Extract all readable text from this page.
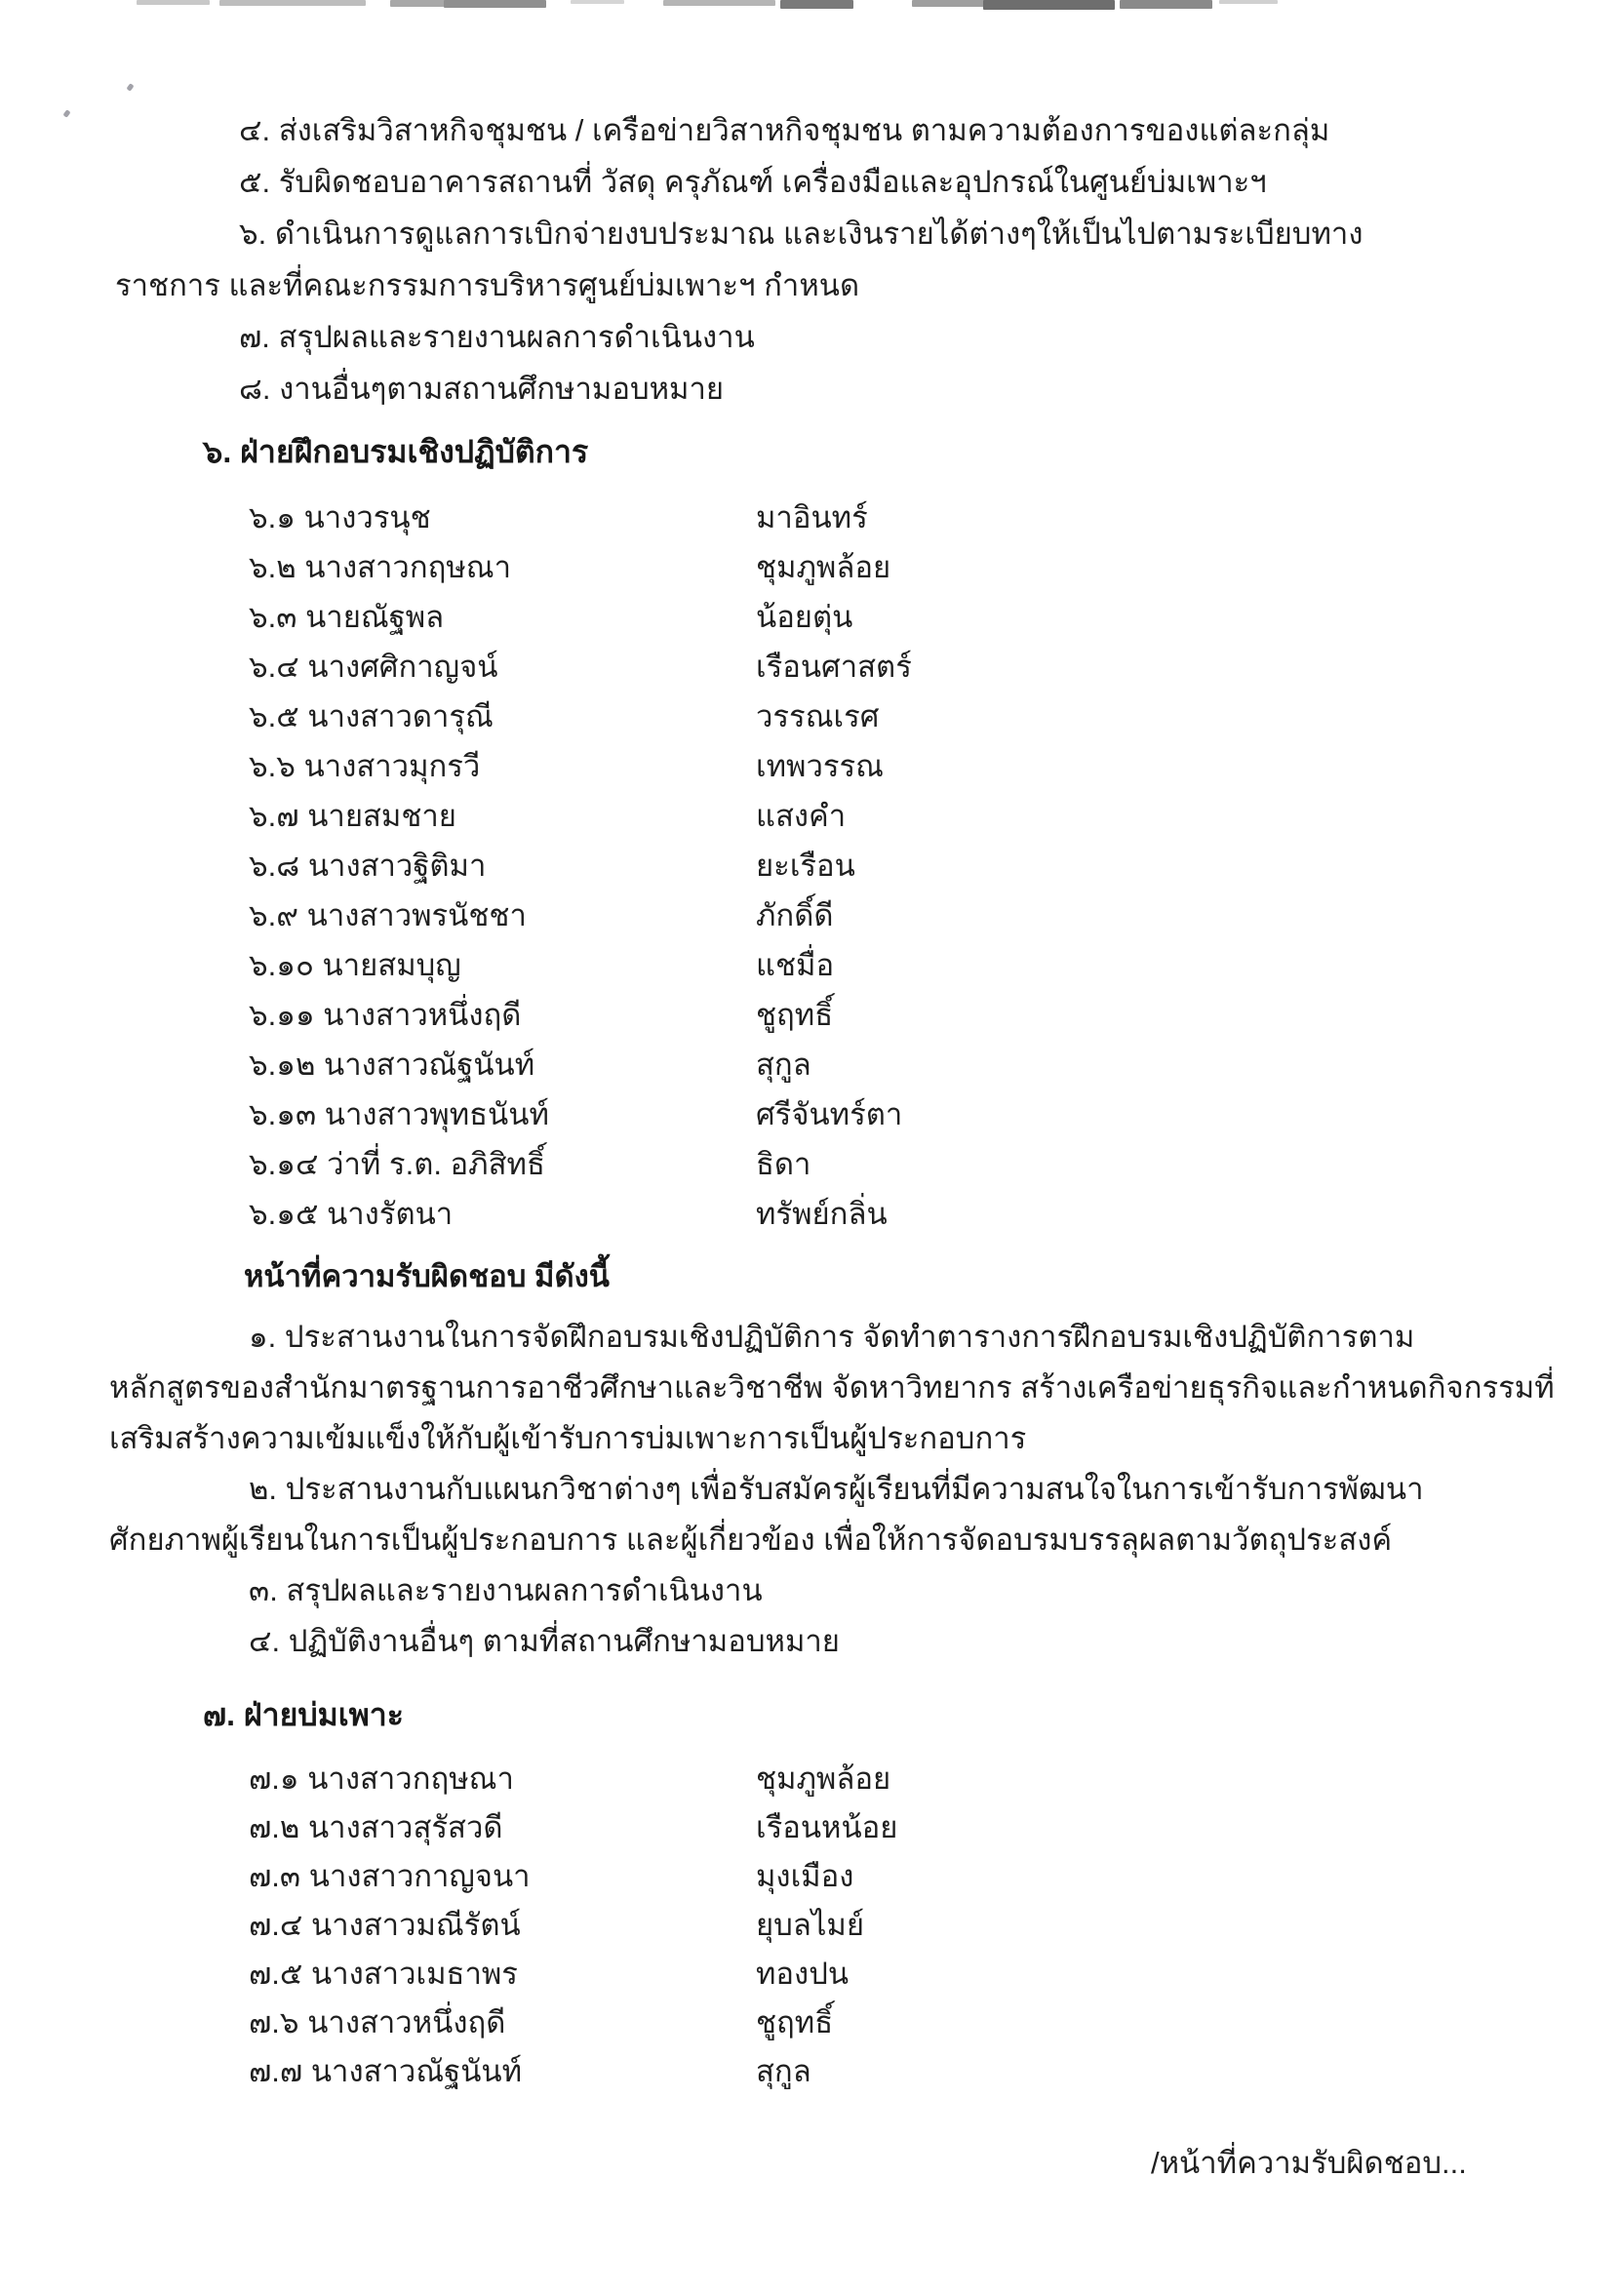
๔. ส่งเสริมวิสาหกิจชุมชน / เครือข่ายวิสาหกิจชุมชน ตามความต้องการของแต่ละกลุ่ม
๕. รับผิดชอบอาคารสถานที่ วัสดุ ครุภัณฑ์ เครื่องมือและอุปกรณ์ในศูนย์บ่มเพาะฯ
๖. ดำเนินการดูแลการเบิกจ่ายงบประมาณ และเงินรายได้ต่างๆให้เป็นไปตามระเบียบทาง
ราชการ และที่คณะกรรมการบริหารศูนย์บ่มเพาะฯ กำหนด
๗. สรุปผลและรายงานผลการดำเนินงาน
๘. งานอื่นๆตามสถานศึกษามอบหมาย
๖. ฝ่ายฝึกอบรมเชิงปฏิบัติการ
๖.๑ นางวรนุช	มาอินทร์
๖.๒ นางสาวกฤษณา	ชุมภูพล้อย
๖.๓ นายณัฐพล	น้อยตุ่น
๖.๔ นางศศิกาญจน์	เรือนศาสตร์
๖.๕ นางสาวดารุณี	วรรณเรศ
๖.๖ นางสาวมุกรวี	เทพวรรณ
๖.๗ นายสมชาย	แสงคำ
๖.๘ นางสาวฐิติมา	ยะเรือน
๖.๙ นางสาวพรนัชชา	ภักดิ์ดี
๖.๑๐ นายสมบุญ	แชมื่อ
๖.๑๑ นางสาวหนึ่งฤดี	ชูฤทธิ์
๖.๑๒ นางสาวณัฐนันท์	สุกูล
๖.๑๓ นางสาวพุทธนันท์	ศรีจันทร์ตา
๖.๑๔ ว่าที่ ร.ต. อภิสิทธิ์	ธิดา
๖.๑๕ นางรัตนา	ทรัพย์กลิ่น
หน้าที่ความรับผิดชอบ มีดังนี้
๑. ประสานงานในการจัดฝึกอบรมเชิงปฏิบัติการ จัดทำตารางการฝึกอบรมเชิงปฏิบัติการตาม
หลักสูตรของสำนักมาตรฐานการอาชีวศึกษาและวิชาชีพ จัดหาวิทยากร สร้างเครือข่ายธุรกิจและกำหนดกิจกรรมที่
เสริมสร้างความเข้มแข็งให้กับผู้เข้ารับการบ่มเพาะการเป็นผู้ประกอบการ
๒. ประสานงานกับแผนกวิชาต่างๆ เพื่อรับสมัครผู้เรียนที่มีความสนใจในการเข้ารับการพัฒนา
ศักยภาพผู้เรียนในการเป็นผู้ประกอบการ และผู้เกี่ยวข้อง เพื่อให้การจัดอบรมบรรลุผลตามวัตถุประสงค์
๓. สรุปผลและรายงานผลการดำเนินงาน
๔. ปฏิบัติงานอื่นๆ ตามที่สถานศึกษามอบหมาย
๗. ฝ่ายบ่มเพาะ
๗.๑ นางสาวกฤษณา	ชุมภูพล้อย
๗.๒ นางสาวสุรัสวดี	เรือนหน้อย
๗.๓ นางสาวกาญจนา	มุงเมือง
๗.๔ นางสาวมณีรัตน์	ยุบลไมย์
๗.๕ นางสาวเมธาพร	ทองปน
๗.๖ นางสาวหนึ่งฤดี	ชูฤทธิ์
๗.๗ นางสาวณัฐนันท์	สุกูล
/หน้าที่ความรับผิดชอบ...
